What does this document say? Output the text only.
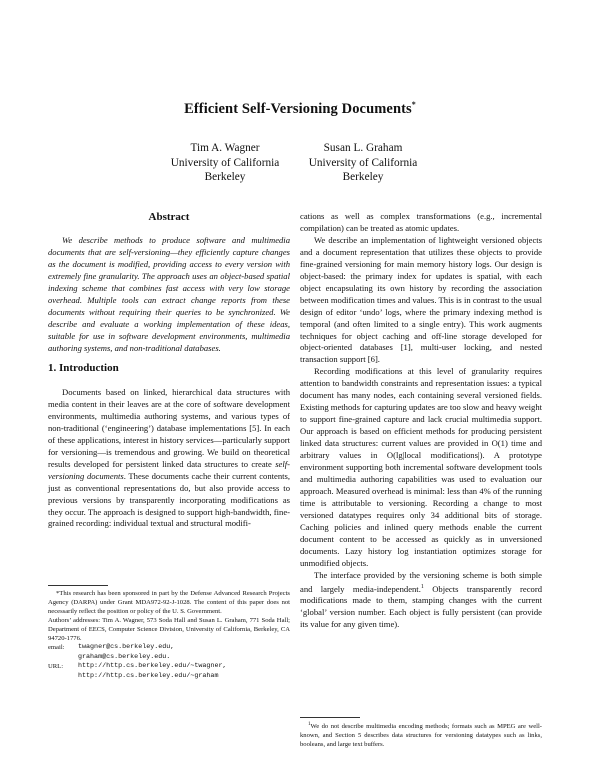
Efficient Self-Versioning Documents*
Tim A. Wagner
University of California
Berkeley
Susan L. Graham
University of California
Berkeley
Abstract
We describe methods to produce software and multimedia documents that are self-versioning—they efficiently capture changes as the document is modified, providing access to every version with extremely fine granularity. The approach uses an object-based spatial indexing scheme that combines fast access with very low storage overhead. Multiple tools can extract change reports from these documents without requiring their queries to be synchronized. We describe and evaluate a working implementation of these ideas, suitable for use in software development environments, multimedia authoring systems, and non-traditional databases.
1. Introduction
Documents based on linked, hierarchical data structures with media content in their leaves are at the core of software development environments, multimedia authoring systems, and various types of non-traditional (‘engineering’) database implementations [5]. In each of these applications, interest in history services—particularly support for versioning—is tremendous and growing. We build on theoretical results developed for persistent linked data structures to create self-versioning documents. These documents cache their current contents, just as conventional representations do, but also provide access to previous versions by transparently incorporating modifications as they occur. The approach is designed to support high-bandwidth, fine-grained recording: individual textual and structural modifi-
*This research has been sponsored in part by the Defense Advanced Research Projects Agency (DARPA) under Grant MDA972-92-J-1028. The content of this paper does not necessarily reflect the position or policy of the U. S. Government.
Authors’ addresses: Tim A. Wagner, 573 Soda Hall and Susan L. Graham, 771 Soda Hall; Department of EECS, Computer Science Division, University of California, Berkeley, CA 94720-1776.
email:	twagner@cs.berkeley.edu,
graham@cs.berkeley.edu.
URL:	http://http.cs.berkeley.edu/~twagner,
http://http.cs.berkeley.edu/~graham

cations as well as complex transformations (e.g., incremental compilation) can be treated as atomic updates.

We describe an implementation of lightweight versioned objects and a document representation that utilizes these objects to provide fine-grained versioning for main memory history logs. Our design is object-based: the primary index for updates is spatial, with each object encapsulating its own history by recording the association between modification times and values. This is in contrast to the usual design of editor ‘undo’ logs, where the primary indexing method is temporal (and often limited to a single entry). This work augments techniques for object caching and off-line storage developed for object-oriented databases [1], multi-user locking, and nested transaction support [6].

Recording modifications at this level of granularity requires attention to bandwidth constraints and representation issues: a typical document has many nodes, each containing several versioned fields. Existing methods for capturing updates are too slow and heavy weight to support fine-grained capture and lack crucial multimedia support. Our approach is based on efficient methods for producing persistent linked data structures: current values are provided in O(1) time and arbitrary values in O(lg|local modifications|). A prototype environment supporting both incremental software development tools and multimedia authoring capabilities was used to evaluation our approach. Measured overhead is minimal: less than 4% of the running time is attributable to versioning. Recording a change to most versioned datatypes requires only 34 additional bits of storage. Caching policies and inlined query methods enable the current document content to be accessed as quickly as in unversioned documents. Lazy history log instantiation optimizes storage for unmodified objects.

The interface provided by the versioning scheme is both simple and largely media-independent.$^1$ Objects transparently record modifications made to them, stamping changes with the current ‘global’ version number. Each object is fully persistent (can provide its value for any given time).

$^1$We do not describe multimedia encoding methods; formats such as MPEG are well-known, and Section 5 describes data structures for versioning datatypes such as links, booleans, and large text buffers.
